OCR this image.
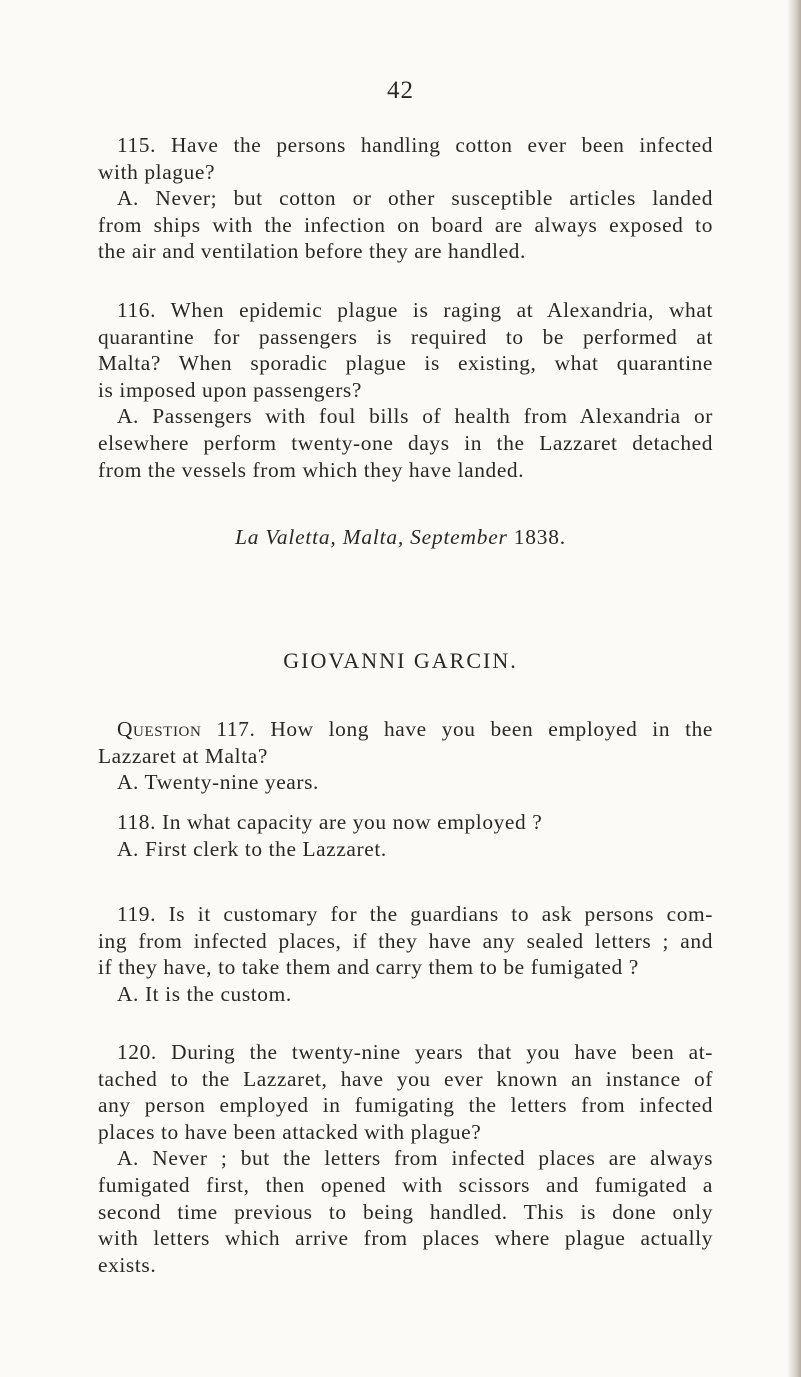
42
115. Have the persons handling cotton ever been infected
with plague?
A. Never; but cotton or other susceptible articles landed
from ships with the infection on board are always exposed to
the air and ventilation before they are handled.
116. When epidemic plague is raging at Alexandria, what
quarantine for passengers is required to be performed at
Malta? When sporadic plague is existing, what quarantine
is imposed upon passengers?
A. Passengers with foul bills of health from Alexandria or
elsewhere perform twenty-one days in the Lazzaret detached
from the vessels from which they have landed.
La Valetta, Malta, September 1838.
GIOVANNI GARCIN.
Question 117. How long have you been employed in the
Lazzaret at Malta?
A. Twenty-nine years.
118. In what capacity are you now employed ?
A. First clerk to the Lazzaret.
119. Is it customary for the guardians to ask persons com-
ing from infected places, if they have any sealed letters ; and
if they have, to take them and carry them to be fumigated ?
A. It is the custom.
120. During the twenty-nine years that you have been at-
tached to the Lazzaret, have you ever known an instance of
any person employed in fumigating the letters from infected
places to have been attacked with plague?
A. Never ; but the letters from infected places are always
fumigated first, then opened with scissors and fumigated a
second time previous to being handled. This is done only
with letters which arrive from places where plague actually
exists.
